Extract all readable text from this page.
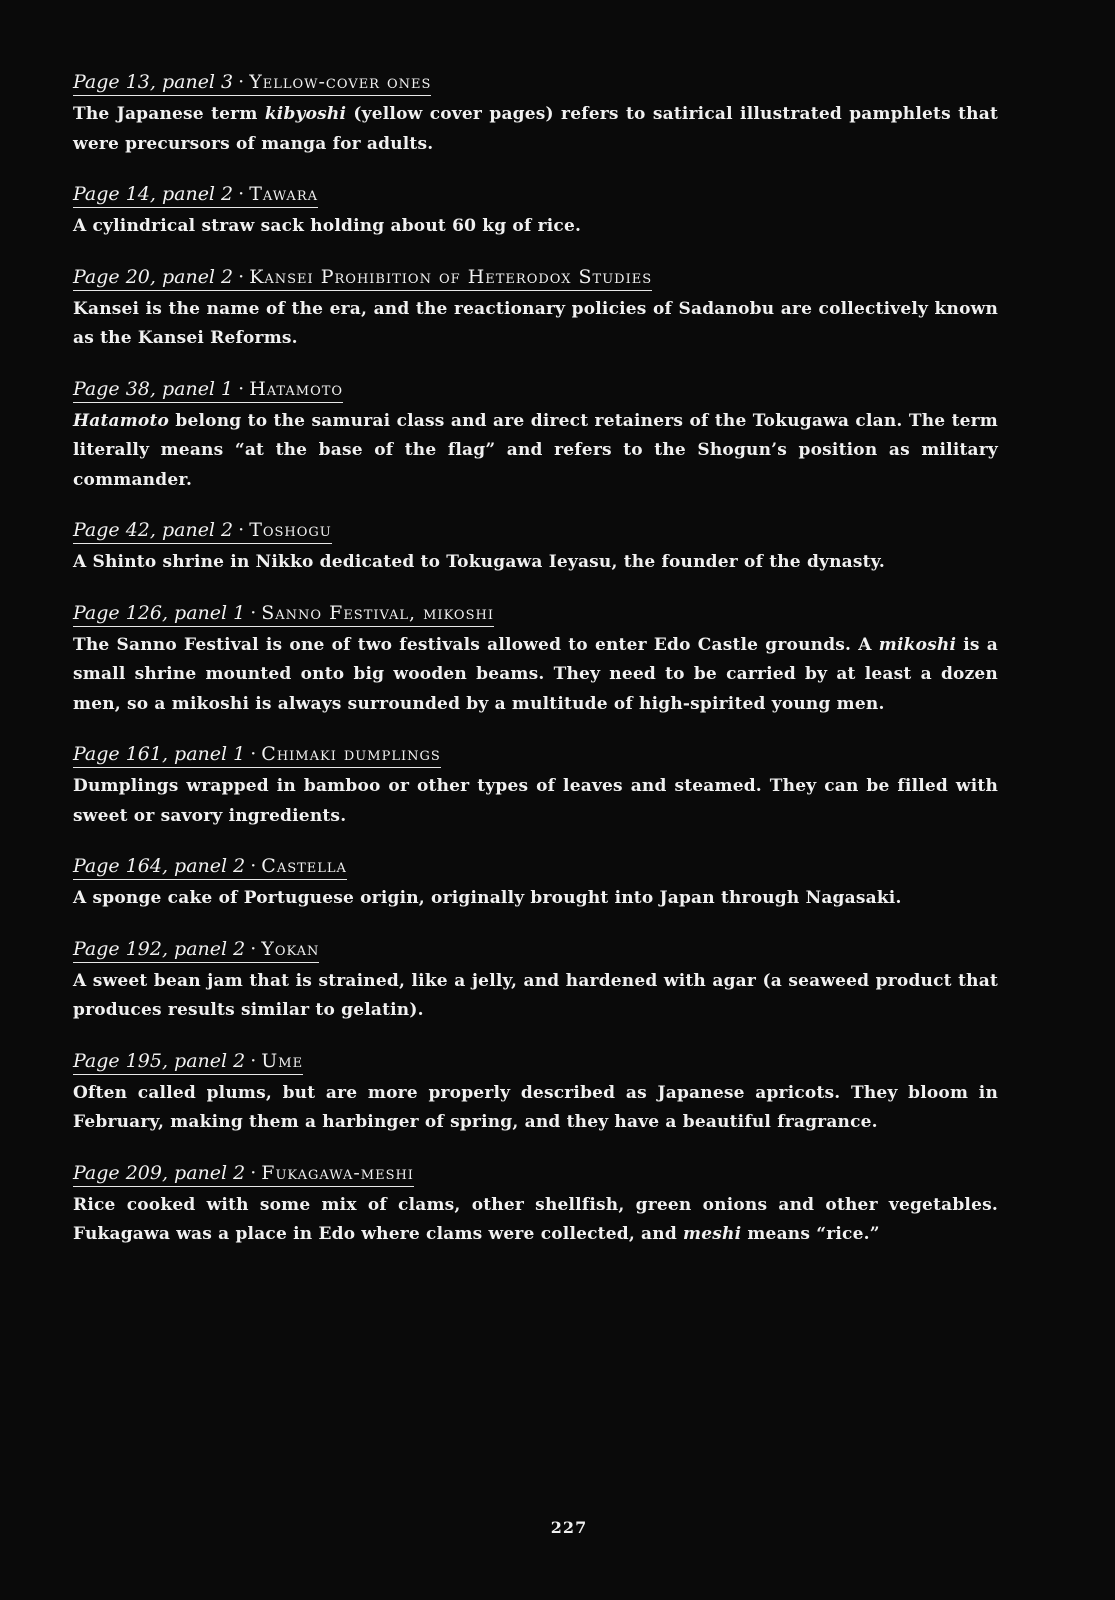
Page 13, panel 3 · Yellow-cover ones
The Japanese term kibyoshi (yellow cover pages) refers to satirical illustrated pamphlets that were precursors of manga for adults.
Page 14, panel 2 · Tawara
A cylindrical straw sack holding about 60 kg of rice.
Page 20, panel 2 · Kansei Prohibition of Heterodox Studies
Kansei is the name of the era, and the reactionary policies of Sadanobu are collectively known as the Kansei Reforms.
Page 38, panel 1 · Hatamoto
Hatamoto belong to the samurai class and are direct retainers of the Tokugawa clan. The term literally means “at the base of the flag” and refers to the Shogun’s position as military commander.
Page 42, panel 2 · Toshogu
A Shinto shrine in Nikko dedicated to Tokugawa Ieyasu, the founder of the dynasty.
Page 126, panel 1 · Sanno Festival, mikoshi
The Sanno Festival is one of two festivals allowed to enter Edo Castle grounds. A mikoshi is a small shrine mounted onto big wooden beams. They need to be carried by at least a dozen men, so a mikoshi is always surrounded by a multitude of high-spirited young men.
Page 161, panel 1 · Chimaki dumplings
Dumplings wrapped in bamboo or other types of leaves and steamed. They can be filled with sweet or savory ingredients.
Page 164, panel 2 · Castella
A sponge cake of Portuguese origin, originally brought into Japan through Nagasaki.
Page 192, panel 2 · Yokan
A sweet bean jam that is strained, like a jelly, and hardened with agar (a seaweed product that produces results similar to gelatin).
Page 195, panel 2 · Ume
Often called plums, but are more properly described as Japanese apricots. They bloom in February, making them a harbinger of spring, and they have a beautiful fragrance.
Page 209, panel 2 · Fukagawa-meshi
Rice cooked with some mix of clams, other shellfish, green onions and other vegetables. Fukagawa was a place in Edo where clams were collected, and meshi means “rice.”
227
